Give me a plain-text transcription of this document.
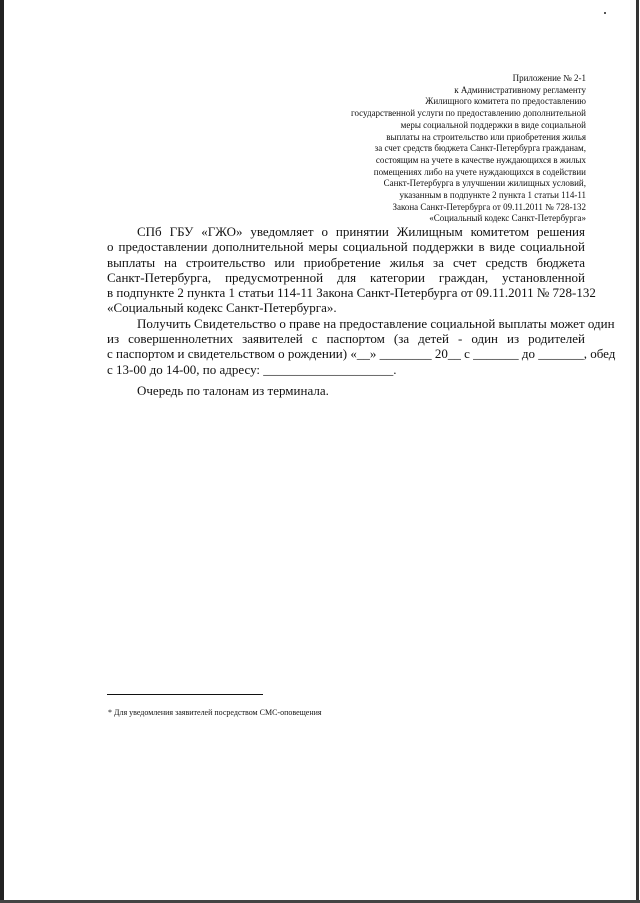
Приложение № 2-1
к Административному регламенту
Жилищного комитета по предоставлению
государственной услуги по предоставлению дополнительной
меры социальной поддержки в виде социальной
выплаты на строительство или приобретения жилья
за счет средств бюджета Санкт-Петербурга гражданам,
состоящим на учете в качестве нуждающихся в жилых
помещениях либо на учете нуждающихся в содействии
Санкт-Петербурга в улучшении жилищных условий,
указанным в подпункте 2 пункта 1 статьи 114-11
Закона Санкт-Петербурга от 09.11.2011 № 728-132
«Социальный кодекс Санкт-Петербурга»
СПб ГБУ «ГЖО» уведомляет о принятии Жилищным комитетом решения
о предоставлении дополнительной меры социальной поддержки в виде социальной
выплаты на строительство или приобретение жилья за счет средств бюджета
Санкт-Петербурга, предусмотренной для категории граждан, установленной
в подпункте 2 пункта 1 статьи 114-11 Закона Санкт-Петербурга от 09.11.2011 № 728-132
«Социальный кодекс Санкт-Петербурга».
Получить Свидетельство о праве на предоставление социальной выплаты может один
из совершеннолетних заявителей с паспортом (за детей - один из родителей
с паспортом и свидетельством о рождении) «__» ________ 20__ с _______ до _______, обед
с 13-00 до 14-00, по адресу: ____________________.
Очередь по талонам из терминала.
* Для уведомления заявителей посредством СМС-оповещения
